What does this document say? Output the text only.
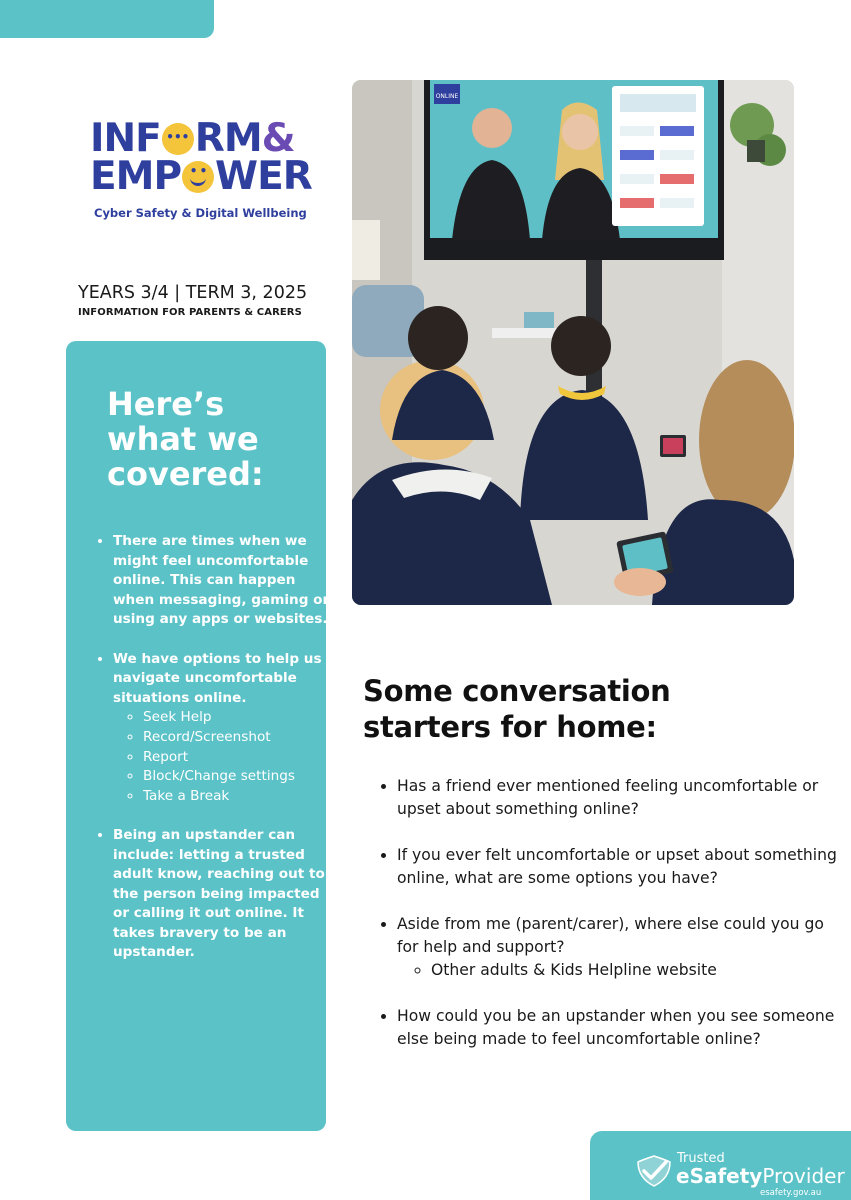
INF ••• RM&
EMP • • WER
Cyber Safety & Digital Wellbeing
YEARS 3/4 | TERM 3, 2025
INFORMATION FOR PARENTS & CARERS
Here’s what we covered:
• There are times when we might feel uncomfortable online. This can happen when messaging, gaming or using any apps or websites.
• We have options to help us navigate uncomfortable situations online.
◦ Seek Help
◦ Record/Screenshot
◦ Report
◦ Block/Change settings
◦ Take a Break
• Being an upstander can include: letting a trusted adult know, reaching out to the person being impacted or calling it out online. It takes bravery to be an upstander.
ONLINE
Some conversation starters for home:
• Has a friend ever mentioned feeling uncomfortable or upset about something online?
• If you ever felt uncomfortable or upset about something online, what are some options you have?
• Aside from me (parent/carer), where else could you go for help and support?
◦ Other adults & Kids Helpline website
• How could you be an upstander when you see someone else being made to feel uncomfortable online?
Trusted
eSafetyProvider
esafety.gov.au
